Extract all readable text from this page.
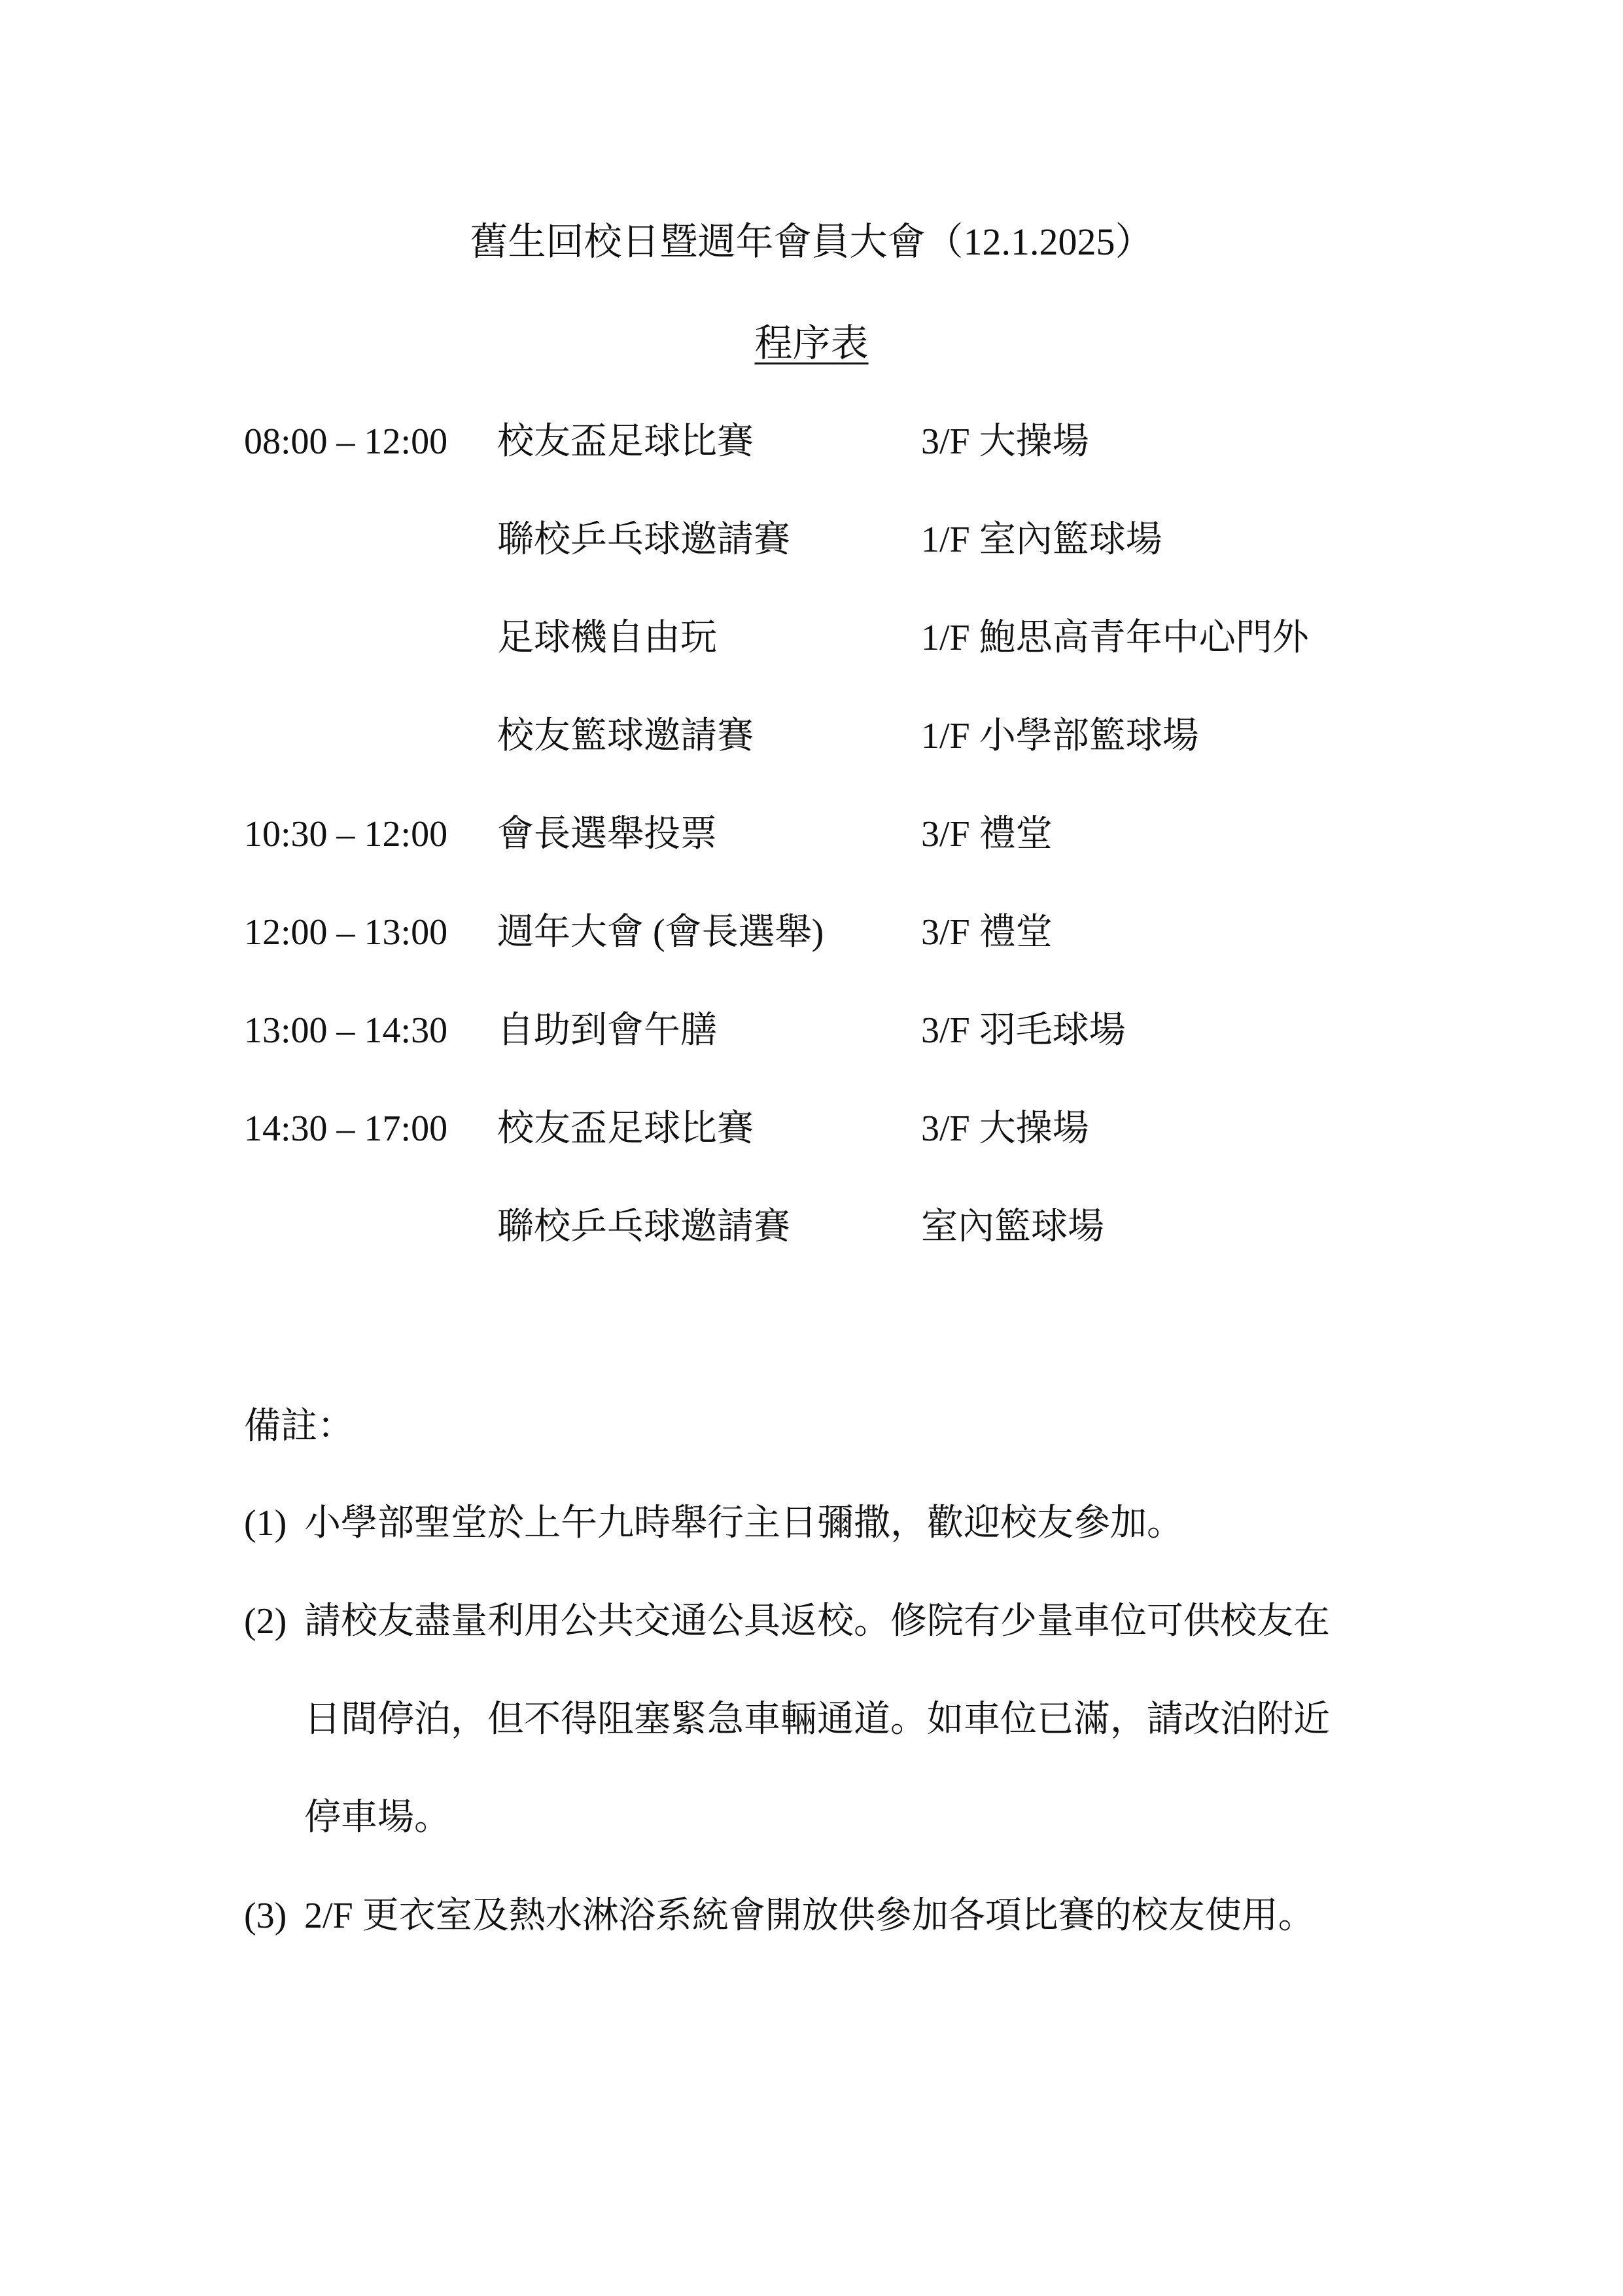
舊生回校日暨週年會員大會（12.1.2025）
程序表
08:00 – 12:00 校友盃足球比賽	3/F 大操場
聯校乒乓球邀請賽	1/F 室內籃球場
足球機自由玩	1/F 鮑思高青年中心門外
校友籃球邀請賽	1/F 小學部籃球場
10:30 – 12:00 會長選舉投票	3/F 禮堂
12:00 – 13:00 週年大會 (會長選舉)	3/F 禮堂
13:00 – 14:30 自助到會午膳	3/F 羽毛球場
14:30 – 17:00 校友盃足球比賽	3/F 大操場
聯校乒乓球邀請賽	室內籃球場
備註：
(1) 小學部聖堂於上午九時舉行主日彌撒，歡迎校友參加。
(2) 請校友盡量利用公共交通公具返校。修院有少量車位可供校友在
日間停泊，但不得阻塞緊急車輛通道。如車位已滿，請改泊附近
停車場。
(3) 2/F 更衣室及熱水淋浴系統會開放供參加各項比賽的校友使用。
